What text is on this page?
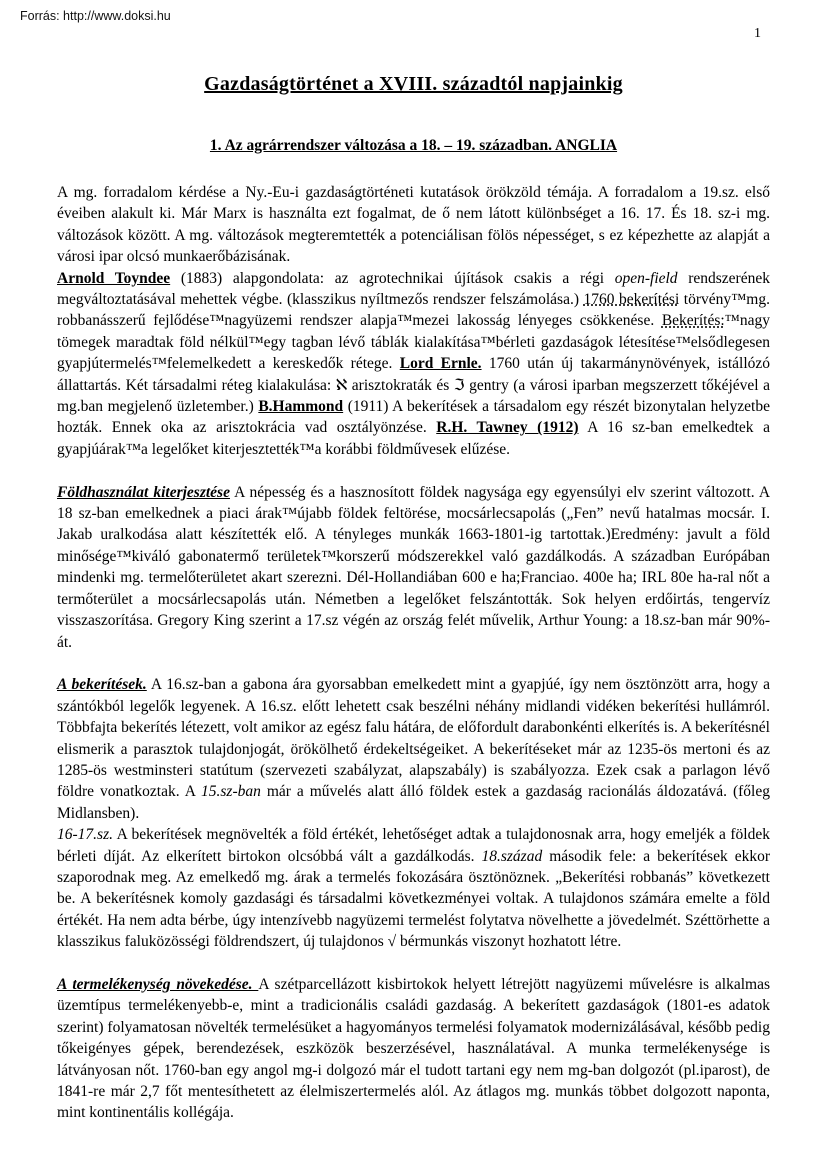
Forrás: http://www.doksi.hu
1
Gazdaságtörténet a XVIII. századtól napjainkig
1. Az agrárrendszer változása a 18. – 19. században. ANGLIA

A mg. forradalom kérdése a Ny.-Eu-i gazdaságtörténeti kutatások örökzöld témája. A forradalom a 19.sz. első éveiben alakult ki. Már Marx is használta ezt fogalmat, de ő nem látott különbséget a 16. 17. És 18. sz-i mg. változások között. A mg. változások megteremtették a potenciálisan fölös népességet, s ez képezhette az alapját a városi ipar olcsó munkaerőbázisának.

Arnold Toyndee (1883) alapgondolata: az agrotechnikai újítások csakis a régi open-field rendszerének megváltoztatásával mehettek végbe. (klasszikus nyíltmezős rendszer felszámolása.) 1760 bekerítési törvény™mg. robbanásszerű fejlődése™nagyüzemi rendszer alapja™mezei lakosság lényeges csökkenése. Bekerítés:™nagy tömegek maradtak föld nélkül™egy tagban lévő táblák kialakítása™bérleti gazdaságok létesítése™elsődlegesen gyapjútermelés™felemelkedett a kereskedők rétege. Lord Ernle. 1760 után új takarmánynövények, istállózó állattartás. Két társadalmi réteg kialakulása: ℵ arisztokraták és ℑ gentry (a városi iparban megszerzett tőkéjével a mg.ban megjelenő üzletember.) B.Hammond (1911) A bekerítések a társadalom egy részét bizonytalan helyzetbe hozták. Ennek oka az arisztokrácia vad osztályönzése. R.H. Tawney (1912) A 16 sz-ban emelkedtek a gyapjúárak™a legelőket kiterjesztették™a korábbi földművesek elűzése.

Földhasználat kiterjesztése A népesség és a hasznosított földek nagysága egy egyensúlyi elv szerint változott. A 18 sz-ban emelkednek a piaci árak™újabb földek feltörése, mocsárlecsapolás („Fen” nevű hatalmas mocsár. I. Jakab uralkodása alatt készítették elő. A tényleges munkák 1663-1801-ig tartottak.)Eredmény: javult a föld minősége™kiváló gabonatermő területek™korszerű módszerekkel való gazdálkodás. A században Európában mindenki mg. termelőterületet akart szerezni. Dél-Hollandiában 600 e ha;Franciao. 400e ha; IRL 80e ha-ral nőt a termőterület a mocsárlecsapolás után. Németben a legelőket felszántották. Sok helyen erdőirtás, tengervíz visszaszorítása. Gregory King szerint a 17.sz végén az ország felét művelik, Arthur Young: a 18.sz-ban már 90%-át.

A bekerítések. A 16.sz-ban a gabona ára gyorsabban emelkedett mint a gyapjúé, így nem ösztönzött arra, hogy a szántókból legelők legyenek. A 16.sz. előtt lehetett csak beszélni néhány midlandi vidéken bekerítési hullámról. Többfajta bekerítés létezett, volt amikor az egész falu hátára, de előfordult darabonkénti elkerítés is. A bekerítésnél elismerik a parasztok tulajdonjogát, örökölhető érdekeltségeiket. A bekerítéseket már az 1235-ös mertoni és az 1285-ös westminsteri statútum (szervezeti szabályzat, alapszabály) is szabályozza. Ezek csak a parlagon lévő földre vonatkoztak. A 15.sz-ban már a művelés alatt álló földek estek a gazdaság racionálás áldozatává. (főleg Midlansben).

16-17.sz. A bekerítések megnövelték a föld értékét, lehetőséget adtak a tulajdonosnak arra, hogy emeljék a földek bérleti díját. Az elkerített birtokon olcsóbbá vált a gazdálkodás. 18.század második fele: a bekerítések ekkor szaporodnak meg. Az emelkedő mg. árak a termelés fokozására ösztönöznek. „Bekerítési robbanás” következett be. A bekerítésnek komoly gazdasági és társadalmi következményei voltak. A tulajdonos számára emelte a föld értékét. Ha nem adta bérbe, úgy intenzívebb nagyüzemi termelést folytatva növelhette a jövedelmét. Széttörhette a klasszikus faluközösségi földrendszert, új tulajdonos √ bérmunkás viszonyt hozhatott létre.

A termelékenység növekedése. A szétparcellázott kisbirtokok helyett létrejött nagyüzemi művelésre is alkalmas üzemtípus termelékenyebb-e, mint a tradicionális családi gazdaság. A bekerített gazdaságok (1801-es adatok szerint) folyamatosan növelték termelésüket a hagyományos termelési folyamatok modernizálásával, később pedig tőkeigényes gépek, berendezések, eszközök beszerzésével, használatával. A munka termelékenysége is látványosan nőt. 1760-ban egy angol mg-i dolgozó már el tudott tartani egy nem mg-ban dolgozót (pl.iparost), de 1841-re már 2,7 főt mentesíthetett az élelmiszertermelés alól. Az átlagos mg. munkás többet dolgozott naponta, mint kontinentális kollégája.
